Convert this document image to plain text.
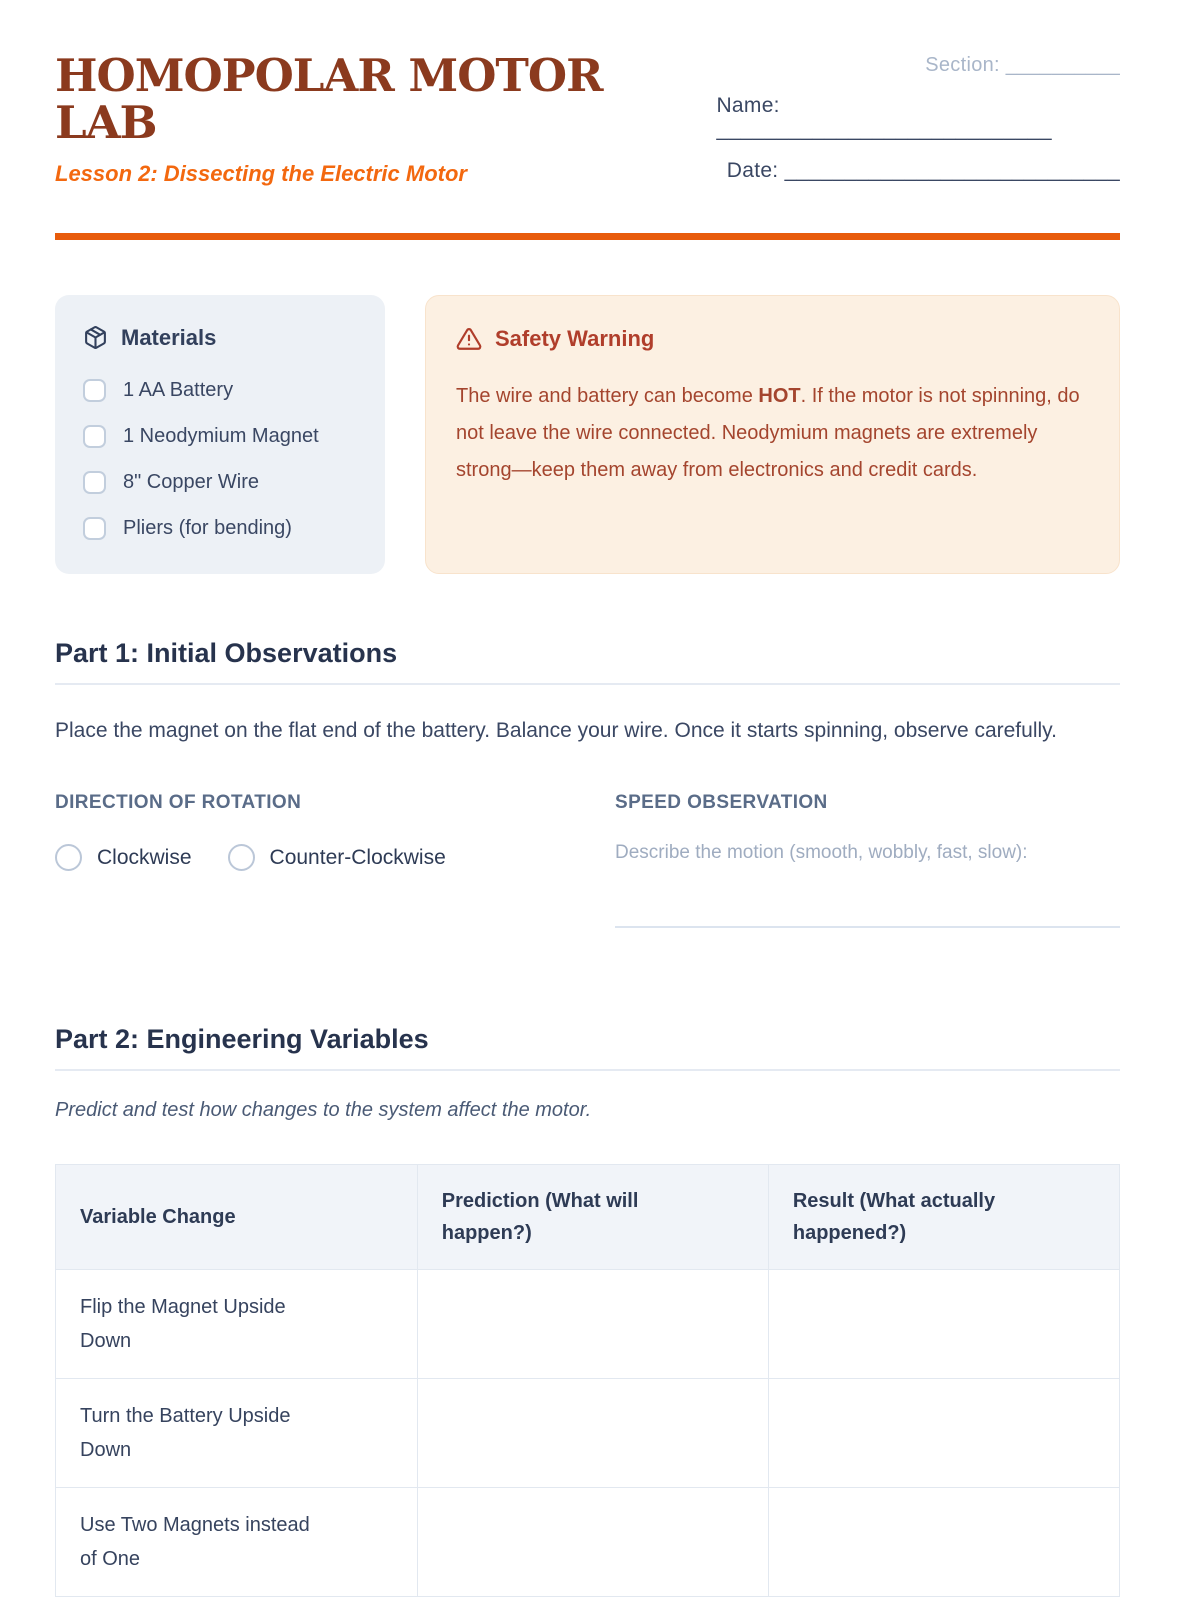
HOMOPOLAR MOTOR LAB
Lesson 2: Dissecting the Electric Motor
Section: __________
Name: ____________________________
Date: ____________________________
Materials
1 AA Battery
1 Neodymium Magnet
8" Copper Wire
Pliers (for bending)
Safety Warning
The wire and battery can become HOT. If the motor is not spinning, do not leave the wire connected. Neodymium magnets are extremely strong—keep them away from electronics and credit cards.
Part 1: Initial Observations
Place the magnet on the flat end of the battery. Balance your wire. Once it starts spinning, observe carefully.
DIRECTION OF ROTATION
Clockwise	Counter-Clockwise
SPEED OBSERVATION
Describe the motion (smooth, wobbly, fast, slow):
Part 2: Engineering Variables
Predict and test how changes to the system affect the motor.
Variable Change	Prediction (What will happen?)	Result (What actually happened?)
Flip the Magnet Upside Down		
Turn the Battery Upside Down		
Use Two Magnets instead of One		
